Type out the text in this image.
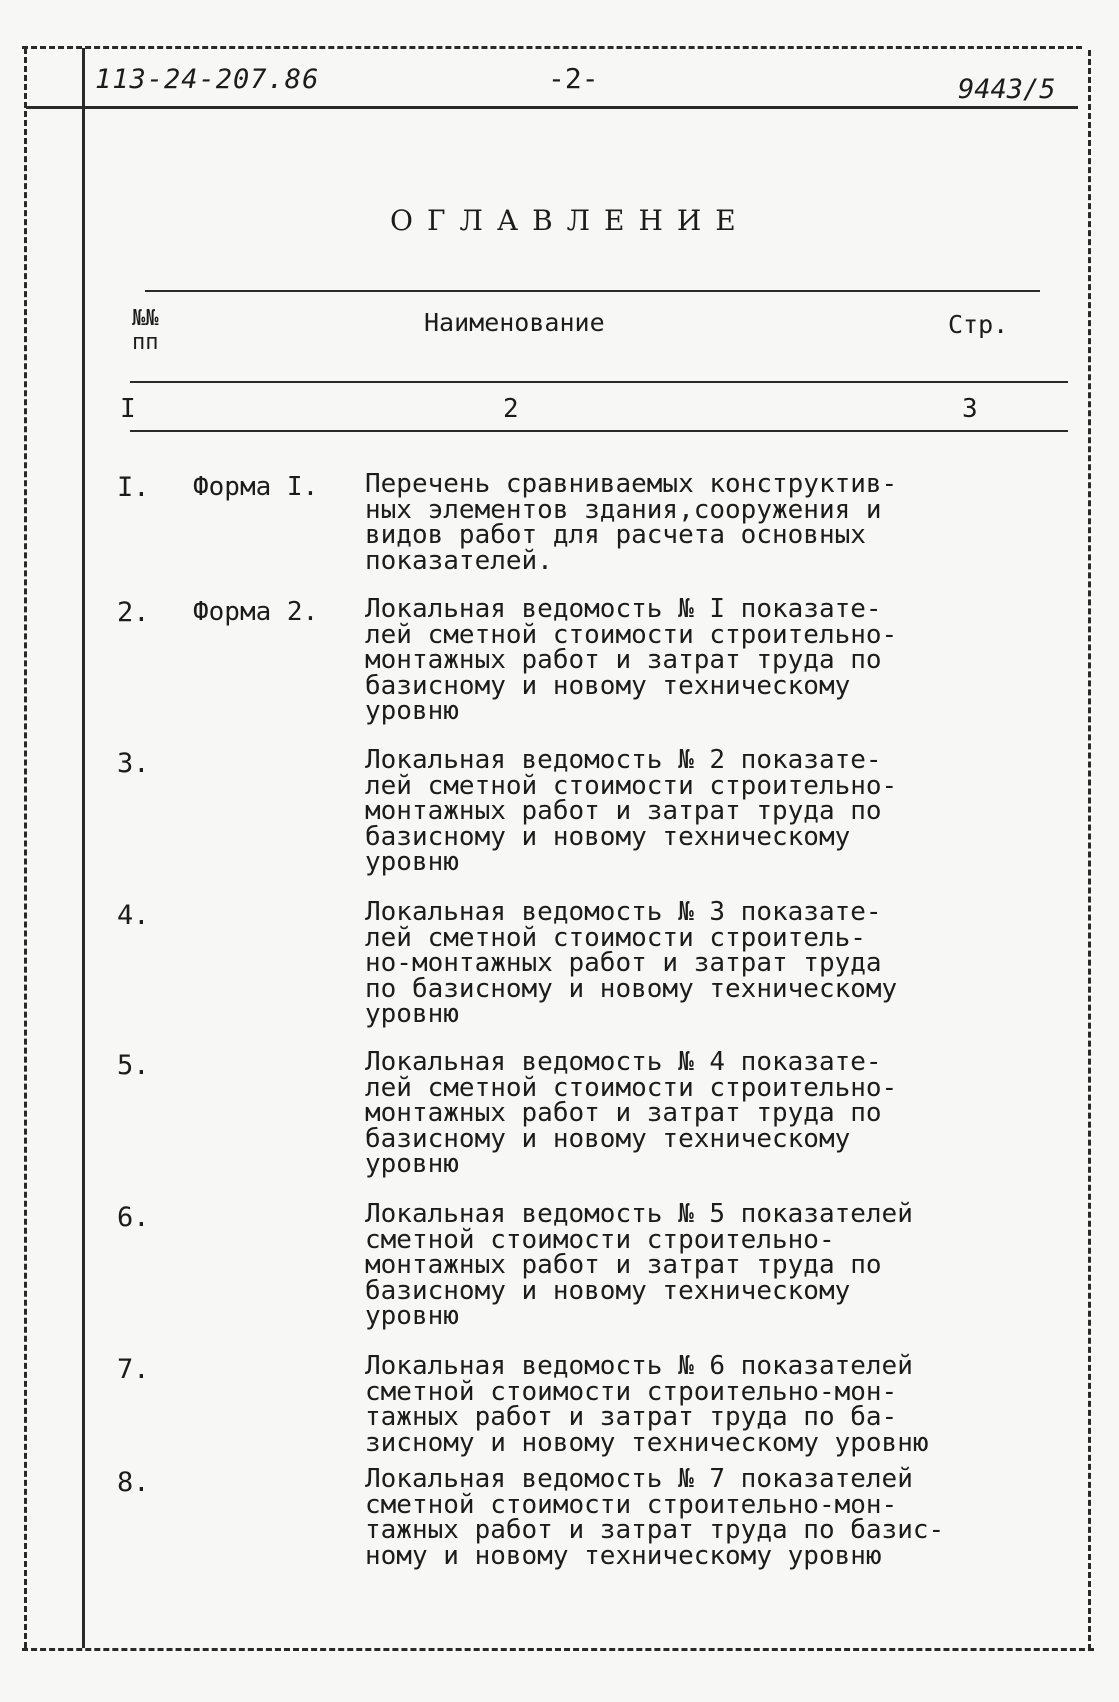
113-24-207.86	-2-	9443/5
ОГЛАВЛЕНИЕ
№№
пп
Наименование	Стр.
I	2	3
I. Форма I. Перечень сравниваемых конструктив-
ных элементов здания,сооружения и
видов работ для расчета основных
показателей.
2. Форма 2. Локальная ведомость № I показате-
лей сметной стоимости строительно-
монтажных работ и затрат труда по
базисному и новому техническому
уровню
3.	Локальная ведомость № 2 показате-
лей сметной стоимости строительно-
монтажных работ и затрат труда по
базисному и новому техническому
уровню
4.	Локальная ведомость № 3 показате-
лей сметной стоимости строитель-
но-монтажных работ и затрат труда
по базисному и новому техническому
уровню
5.	Локальная ведомость № 4 показате-
лей сметной стоимости строительно-
монтажных работ и затрат труда по
базисному и новому техническому
уровню
6.	Локальная ведомость № 5 показателей
сметной стоимости строительно-
монтажных работ и затрат труда по
базисному и новому техническому
уровню
7.	Локальная ведомость № 6 показателей
сметной стоимости строительно-мон-
тажных работ и затрат труда по ба-
зисному и новому техническому уровню
8.	Локальная ведомость № 7 показателей
сметной стоимости строительно-мон-
тажных работ и затрат труда по базис-
ному и новому техническому уровню
